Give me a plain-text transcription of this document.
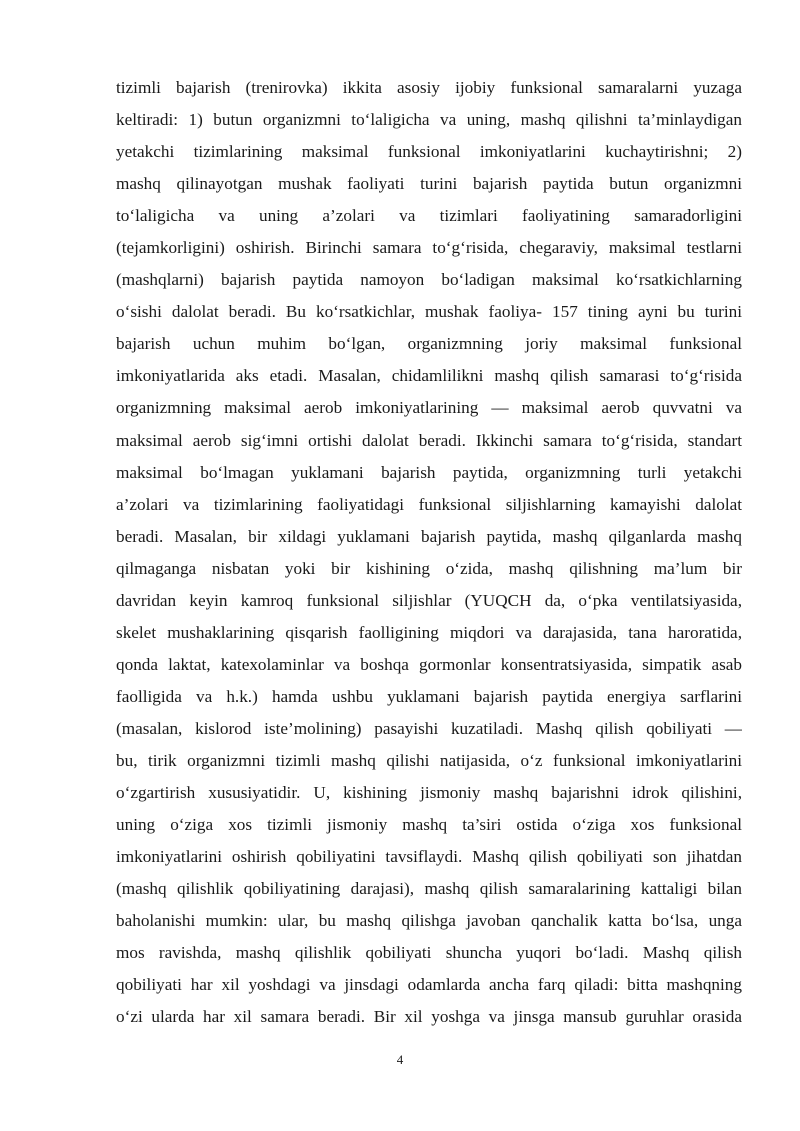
tizimli bajarish (trenirovka) ikkita asosiy ijobiy funksional samaralarni yuzaga
keltiradi: 1) butun organizmni to‘laligicha va uning, mashq qilishni ta’minlaydigan
yetakchi tizimlarining maksimal funksional imkoniyatlarini kuchaytirishni; 2)
mashq qilinayotgan mushak faoliyati turini bajarish paytida butun organizmni
to‘laligicha va uning a’zolari va tizimlari faoliyatining samaradorligini
(tejamkorligini) oshirish. Birinchi samara to‘g‘risida, chegaraviy, maksimal testlarni
(mashqlarni) bajarish paytida namoyon bo‘ladigan maksimal ko‘rsatkichlarning
o‘sishi dalolat beradi. Bu ko‘rsatkichlar, mushak faoliya- 157 tining ayni bu turini
bajarish uchun muhim bo‘lgan, organizmning joriy maksimal funksional
imkoniyatlarida aks etadi. Masalan, chidamlilikni mashq qilish samarasi to‘g‘risida
organizmning maksimal aerob imkoniyatlarining — maksimal aerob quvvatni va
maksimal aerob sig‘imni ortishi dalolat beradi. Ikkinchi samara to‘g‘risida, standart
maksimal bo‘lmagan yuklamani bajarish paytida, organizmning turli yetakchi
a’zolari va tizimlarining faoliyatidagi funksional siljishlarning kamayishi dalolat
beradi. Masalan, bir xildagi yuklamani bajarish paytida, mashq qilganlarda mashq
qilmaganga nisbatan yoki bir kishining o‘zida, mashq qilishning ma’lum bir
davridan keyin kamroq funksional siljishlar (YUQCH da, o‘pka ventilatsiyasida,
skelet mushaklarining qisqarish faolligining miqdori va darajasida, tana haroratida,
qonda laktat, katexolaminlar va boshqa gormonlar konsentratsiyasida, simpatik asab
faolligida va h.k.) hamda ushbu yuklamani bajarish paytida energiya sarflarini
(masalan, kislorod iste’molining) pasayishi kuzatiladi. Mashq qilish qobiliyati —
bu, tirik organizmni tizimli mashq qilishi natijasida, o‘z funksional imkoniyatlarini
o‘zgartirish xususiyatidir. U, kishining jismoniy mashq bajarishni idrok qilishini,
uning o‘ziga xos tizimli jismoniy mashq ta’siri ostida o‘ziga xos funksional
imkoniyatlarini oshirish qobiliyatini tavsiflaydi. Mashq qilish qobiliyati son jihatdan
(mashq qilishlik qobiliyatining darajasi), mashq qilish samaralarining kattaligi bilan
baholanishi mumkin: ular, bu mashq qilishga javoban qanchalik katta bo‘lsa, unga
mos ravishda, mashq qilishlik qobiliyati shuncha yuqori bo‘ladi. Mashq qilish
qobiliyati har xil yoshdagi va jinsdagi odamlarda ancha farq qiladi: bitta mashqning
o‘zi ularda har xil samara beradi. Bir xil yoshga va jinsga mansub guruhlar orasida
4
